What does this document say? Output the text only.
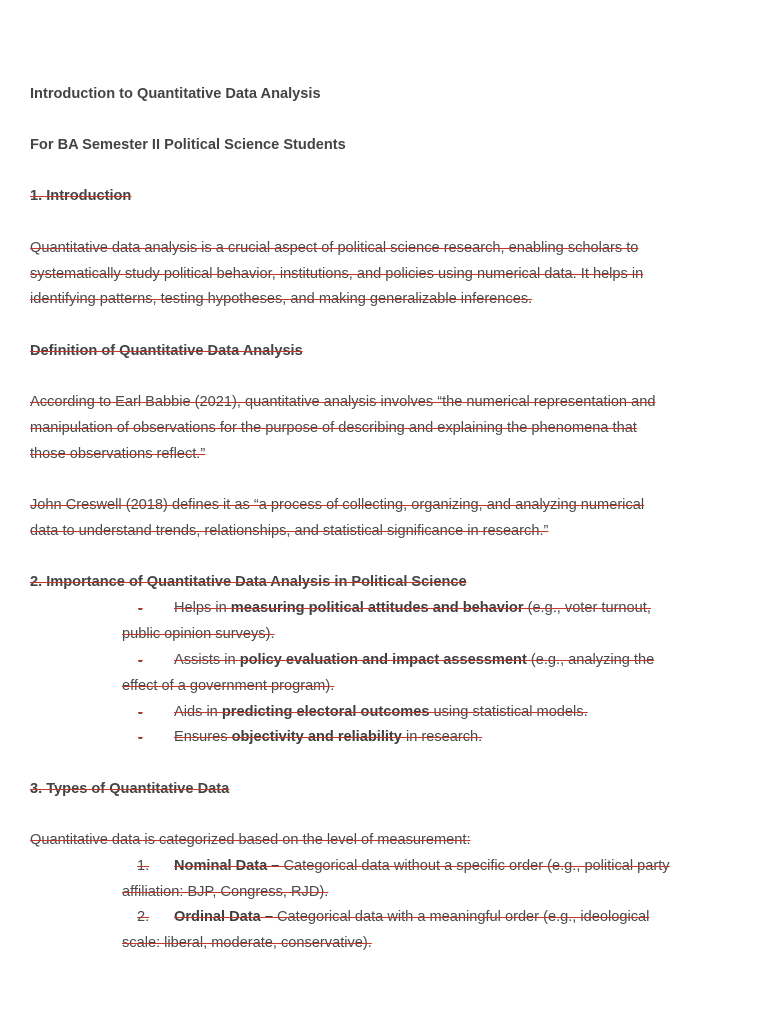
Introduction to Quantitative Data Analysis
For BA Semester II Political Science Students
1. Introduction
Quantitative data analysis is a crucial aspect of political science research, enabling scholars to
systematically study political behavior, institutions, and policies using numerical data. It helps in
identifying patterns, testing hypotheses, and making generalizable inferences.
Definition of Quantitative Data Analysis
According to Earl Babbie (2021), quantitative analysis involves “the numerical representation and
manipulation of observations for the purpose of describing and explaining the phenomena that
those observations reflect.”
John Creswell (2018) defines it as “a process of collecting, organizing, and analyzing numerical
data to understand trends, relationships, and statistical significance in research.”
2. Importance of Quantitative Data Analysis in Political Science
- Helps in measuring political attitudes and behavior (e.g., voter turnout,
public opinion surveys).
- Assists in policy evaluation and impact assessment (e.g., analyzing the
effect of a government program).
- Aids in predicting electoral outcomes using statistical models.
- Ensures objectivity and reliability in research.
3. Types of Quantitative Data
Quantitative data is categorized based on the level of measurement:
1. Nominal Data – Categorical data without a specific order (e.g., political party
affiliation: BJP, Congress, RJD).
2. Ordinal Data – Categorical data with a meaningful order (e.g., ideological
scale: liberal, moderate, conservative).
